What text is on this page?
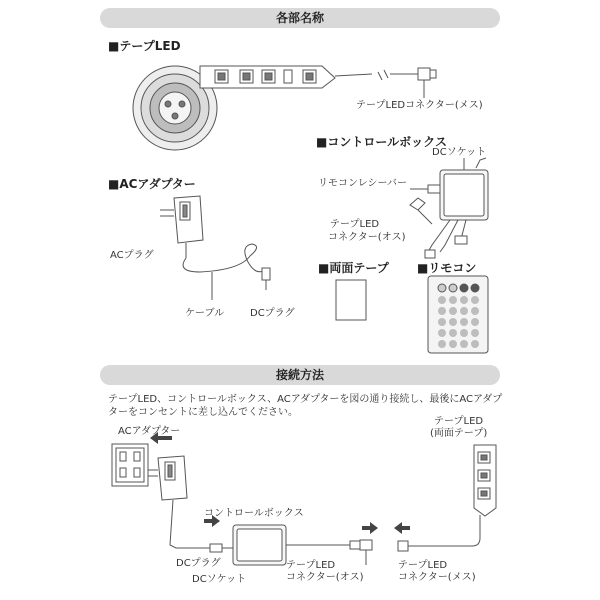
各部名称
接続方法
■テープLED
テープLEDコネクター(メス)
■コントロールボックス
DCソケット
リモコンレシーバー
テープLED
コネクター(オス)
■ACアダプター
ACプラグ
ケーブル	DCプラグ
■両面テープ ■リモコン
テープLED、コントロールボックス、ACアダプターを図の通り接続し、最後にACアダプターをコンセントに差し込んでください。
ACアダプター
テープLED
(両面テープ)
コントロールボックス
DCプラグ
DCソケット
テープLED
コネクター(オス)
テープLED
コネクター(メス)
